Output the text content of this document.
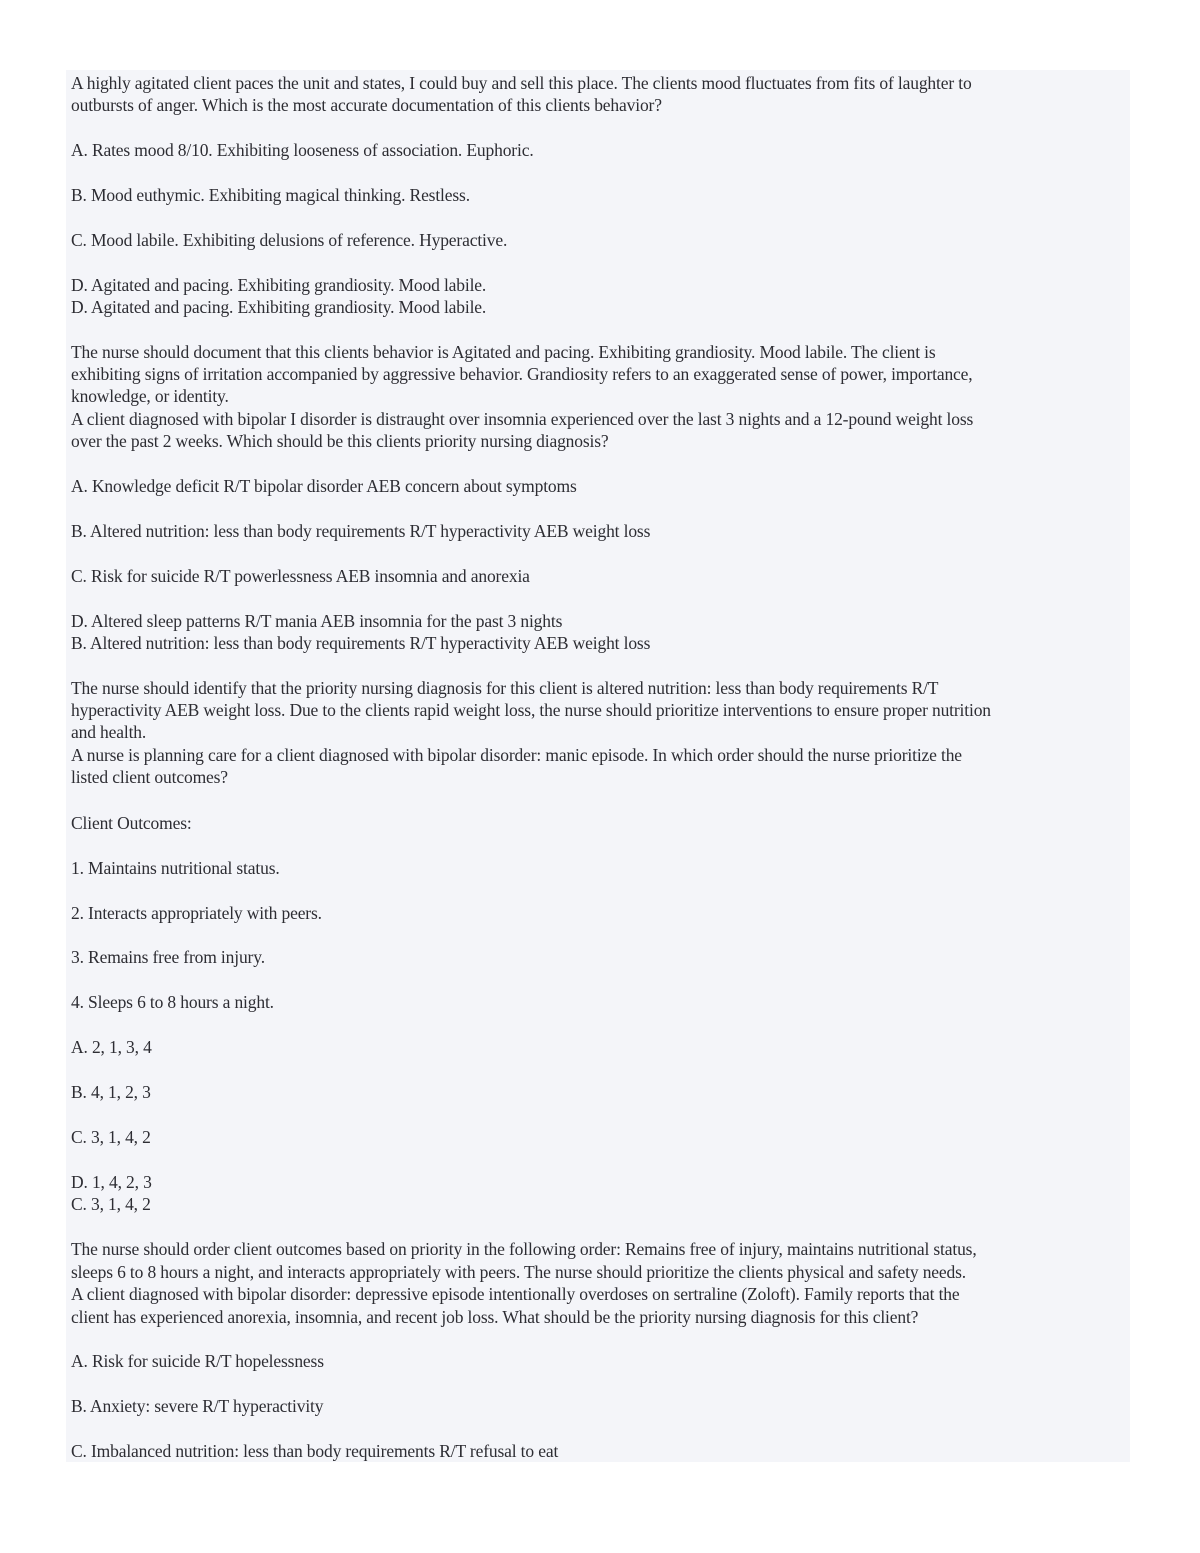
A highly agitated client paces the unit and states, I could buy and sell this place. The clients mood fluctuates from fits of laughter to
outbursts of anger. Which is the most accurate documentation of this clients behavior?
A. Rates mood 8/10. Exhibiting looseness of association. Euphoric.
B. Mood euthymic. Exhibiting magical thinking. Restless.
C. Mood labile. Exhibiting delusions of reference. Hyperactive.
D. Agitated and pacing. Exhibiting grandiosity. Mood labile.
D. Agitated and pacing. Exhibiting grandiosity. Mood labile.
The nurse should document that this clients behavior is Agitated and pacing. Exhibiting grandiosity. Mood labile. The client is
exhibiting signs of irritation accompanied by aggressive behavior. Grandiosity refers to an exaggerated sense of power, importance,
knowledge, or identity.
A client diagnosed with bipolar I disorder is distraught over insomnia experienced over the last 3 nights and a 12-pound weight loss
over the past 2 weeks. Which should be this clients priority nursing diagnosis?
A. Knowledge deficit R/T bipolar disorder AEB concern about symptoms
B. Altered nutrition: less than body requirements R/T hyperactivity AEB weight loss
C. Risk for suicide R/T powerlessness AEB insomnia and anorexia
D. Altered sleep patterns R/T mania AEB insomnia for the past 3 nights
B. Altered nutrition: less than body requirements R/T hyperactivity AEB weight loss
The nurse should identify that the priority nursing diagnosis for this client is altered nutrition: less than body requirements R/T
hyperactivity AEB weight loss. Due to the clients rapid weight loss, the nurse should prioritize interventions to ensure proper nutrition
and health.
A nurse is planning care for a client diagnosed with bipolar disorder: manic episode. In which order should the nurse prioritize the
listed client outcomes?
Client Outcomes:
1. Maintains nutritional status.
2. Interacts appropriately with peers.
3. Remains free from injury.
4. Sleeps 6 to 8 hours a night.
A. 2, 1, 3, 4
B. 4, 1, 2, 3
C. 3, 1, 4, 2
D. 1, 4, 2, 3
C. 3, 1, 4, 2
The nurse should order client outcomes based on priority in the following order: Remains free of injury, maintains nutritional status,
sleeps 6 to 8 hours a night, and interacts appropriately with peers. The nurse should prioritize the clients physical and safety needs.
A client diagnosed with bipolar disorder: depressive episode intentionally overdoses on sertraline (Zoloft). Family reports that the
client has experienced anorexia, insomnia, and recent job loss. What should be the priority nursing diagnosis for this client?
A. Risk for suicide R/T hopelessness
B. Anxiety: severe R/T hyperactivity
C. Imbalanced nutrition: less than body requirements R/T refusal to eat
